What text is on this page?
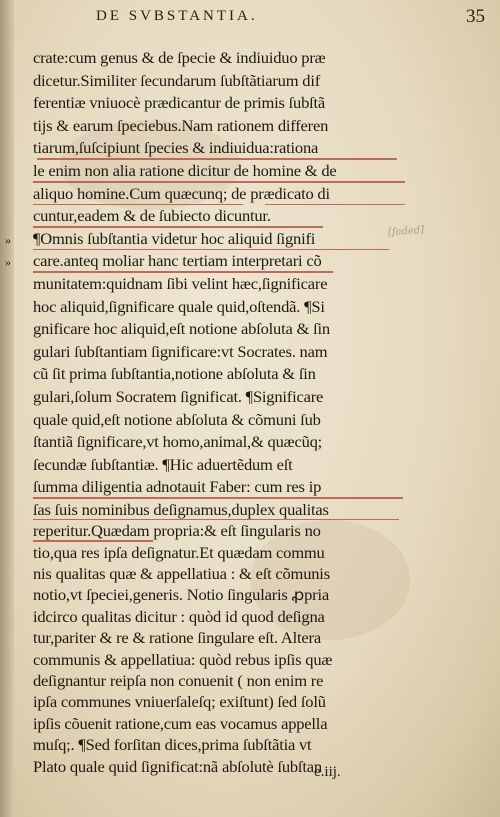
DE SVBSTANTIA.	35
[faded]
crate:cum genus & de ſpecie & indiuiduo præ
dicetur.Similiter ſecundarum ſubſtãtiarum dif
ferentiæ vniuocè prædicantur de primis ſubſtã
tijs & earum ſpeciebus.Nam rationem differen
tiarum,ſuſcipiunt ſpecies & indiuidua:rationa
le enim non alia ratione dicitur de homine & de
aliquo homine.Cum quæcunq; de prædicato di
cuntur,eadem & de ſubiecto dicuntur.
¶Omnis ſubſtantia videtur hoc aliquid ſignifi
»
care.anteq moliar hanc tertiam interpretari cõ
»
munitatem:quidnam ſibi velint hæc,ſignificare
hoc aliquid,ſignificare quale quid,oſtendã. ¶Si
gnificare hoc aliquid,eſt notione abſoluta & ſin
gulari ſubſtantiam ſignificare:vt Socrates. nam
cũ ſit prima ſubſtantia,notione abſoluta & ſin
gulari,ſolum Socratem ſignificat. ¶Significare
quale quid,eſt notione abſoluta & cõmuni ſub
ſtantiã ſignificare,vt homo,animal,& quæcũq;
ſecundæ ſubſtantiæ. ¶Hic aduertẽdum eſt
ſumma diligentia adnotauit Faber: cum res ip
ſas ſuis nominibus deſignamus,duplex qualitas
reperitur.Quædam propria:& eſt ſingularis no
tio,qua res ipſa deſignatur.Et quædam commu
nis qualitas quæ & appellatiua : & eſt cõmunis
notio,vt ſpeciei,generis. Notio ſingularis ꝓpria
idcirco qualitas dicitur : quòd id quod deſigna
tur,pariter & re & ratione ſingulare eſt. Altera
communis & appellatiua: quòd rebus ipſis quæ
deſignantur reipſa non conuenit ( non enim re
ipſa communes vniuerſaleſq; exiſtunt) ſed ſolũ
ipſis cõuenit ratione,cum eas vocamus appella
muſq;. ¶Sed forſitan dices,prima ſubſtãtia vt
Plato quale quid ſignificat:nã abſolutè ſubſtan
e.iij.
